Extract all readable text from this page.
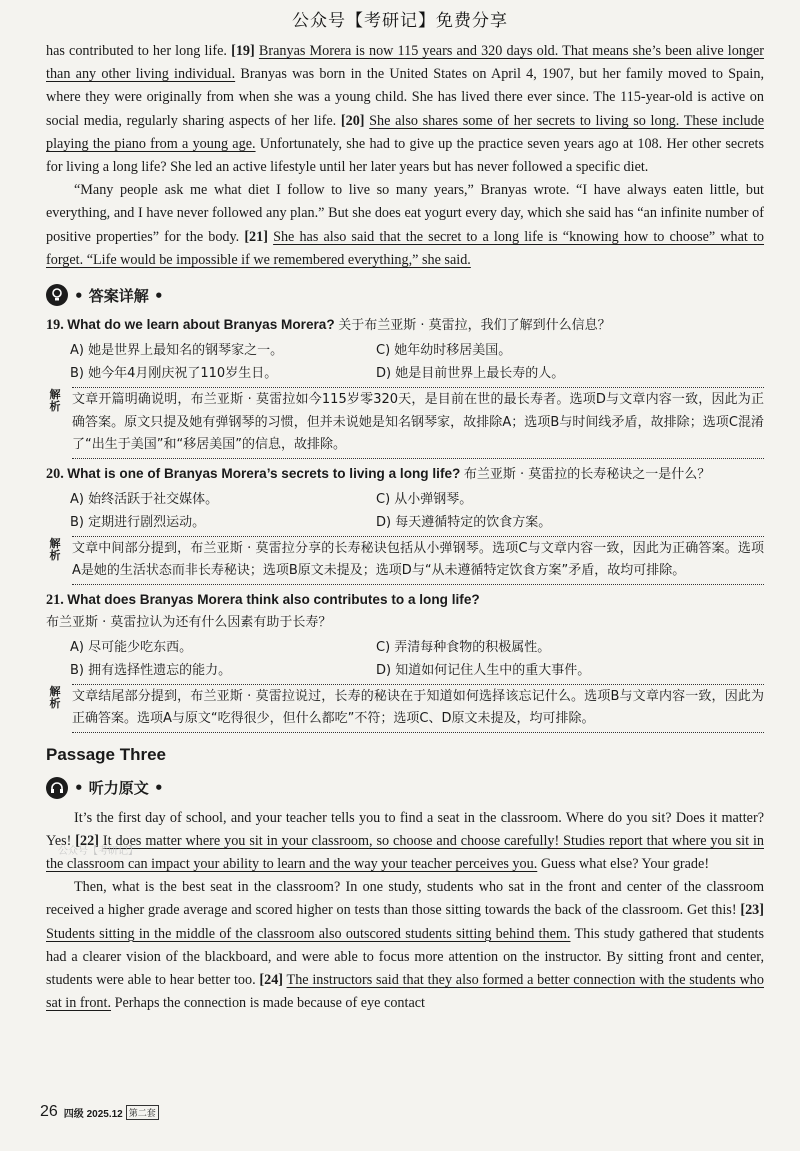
公众号【考研记】免费分享

has contributed to her long life. [19] Branyas Morera is now 115 years and 320 days old. That means she’s been alive longer than any other living individual. Branyas was born in the United States on April 4, 1907, but her family moved to Spain, where they were originally from when she was a young child. She has lived there ever since. The 115-year-old is active on social media, regularly sharing aspects of her life. [20] She also shares some of her secrets to living so long. These include playing the piano from a young age. Unfortunately, she had to give up the practice seven years ago at 108. Her other secrets for living a long life? She led an active lifestyle until her later years but has never followed a specific diet.

“Many people ask me what diet I follow to live so many years,” Branyas wrote. “I have always eaten little, but everything, and I have never followed any plan.” But she does eat yogurt every day, which she said has “an infinite number of positive properties” for the body. [21] She has also said that the secret to a long life is “knowing how to choose” what to forget. “Life would be impossible if we remembered everything,” she said.

• 答案详解 •
19. What do we learn about Branyas Morera? 关于布兰亚斯 · 莫雷拉，我们了解到什么信息？
A) 她是世界上最知名的钢琴家之一。	C) 她年幼时移居美国。
B) 她今年4月刚庆祝了110岁生日。	D) 她是目前世界上最长寿的人。
解析 文章开篇明确说明，布兰亚斯 · 莫雷拉如今115岁零320天，是目前在世的最长寿者。选项D与文章内容一致，因此为正确答案。原文只提及她有弹钢琴的习惯，但并未说她是知名钢琴家，故排除A；选项B与时间线矛盾，故排除；选项C混淆了“出生于美国”和“移居美国”的信息，故排除。
20. What is one of Branyas Morera’s secrets to living a long life? 布兰亚斯 · 莫雷拉的长寿秘诀之一是什么？
A) 始终活跃于社交媒体。	C) 从小弹钢琴。
B) 定期进行剧烈运动。	D) 每天遵循特定的饮食方案。
解析 文章中间部分提到，布兰亚斯 · 莫雷拉分享的长寿秘诀包括从小弹钢琴。选项C与文章内容一致，因此为正确答案。选项A是她的生活状态而非长寿秘诀；选项B原文未提及；选项D与“从未遵循特定饮食方案”矛盾，故均可排除。
21. What does Branyas Morera think also contributes to a long life?
布兰亚斯 · 莫雷拉认为还有什么因素有助于长寿？
A) 尽可能少吃东西。	C) 弄清每种食物的积极属性。
B) 拥有选择性遗忘的能力。	D) 知道如何记住人生中的重大事件。
解析 文章结尾部分提到，布兰亚斯 · 莫雷拉说过，长寿的秘诀在于知道如何选择该忘记什么。选项B与文章内容一致，因此为正确答案。选项A与原文“吃得很少，但什么都吃”不符；选项C、D原文未提及，均可排除。
Passage Three
• 听力原文 •

It’s the first day of school, and your teacher tells you to find a seat in the classroom. Where do you sit? Does it matter? Yes! [22] It does matter where you sit in your classroom, so choose and choose carefully! Studies report that where you sit in the classroom can impact your ability to learn and the way your teacher perceives you. Guess what else? Your grade!

Then, what is the best seat in the classroom? In one study, students who sat in the front and center of the classroom received a higher grade average and scored higher on tests than those sitting towards the back of the classroom. Get this! [23] Students sitting in the middle of the classroom also outscored students sitting behind them. This study gathered that students had a clearer vision of the blackboard, and were able to focus more attention on the instructor. By sitting front and center, students were able to hear better too. [24] The instructors said that they also formed a better connection with the students who sat in front. Perhaps the connection is made because of eye contact

公众号【考研记】
26 四级 2025.12 第二套
